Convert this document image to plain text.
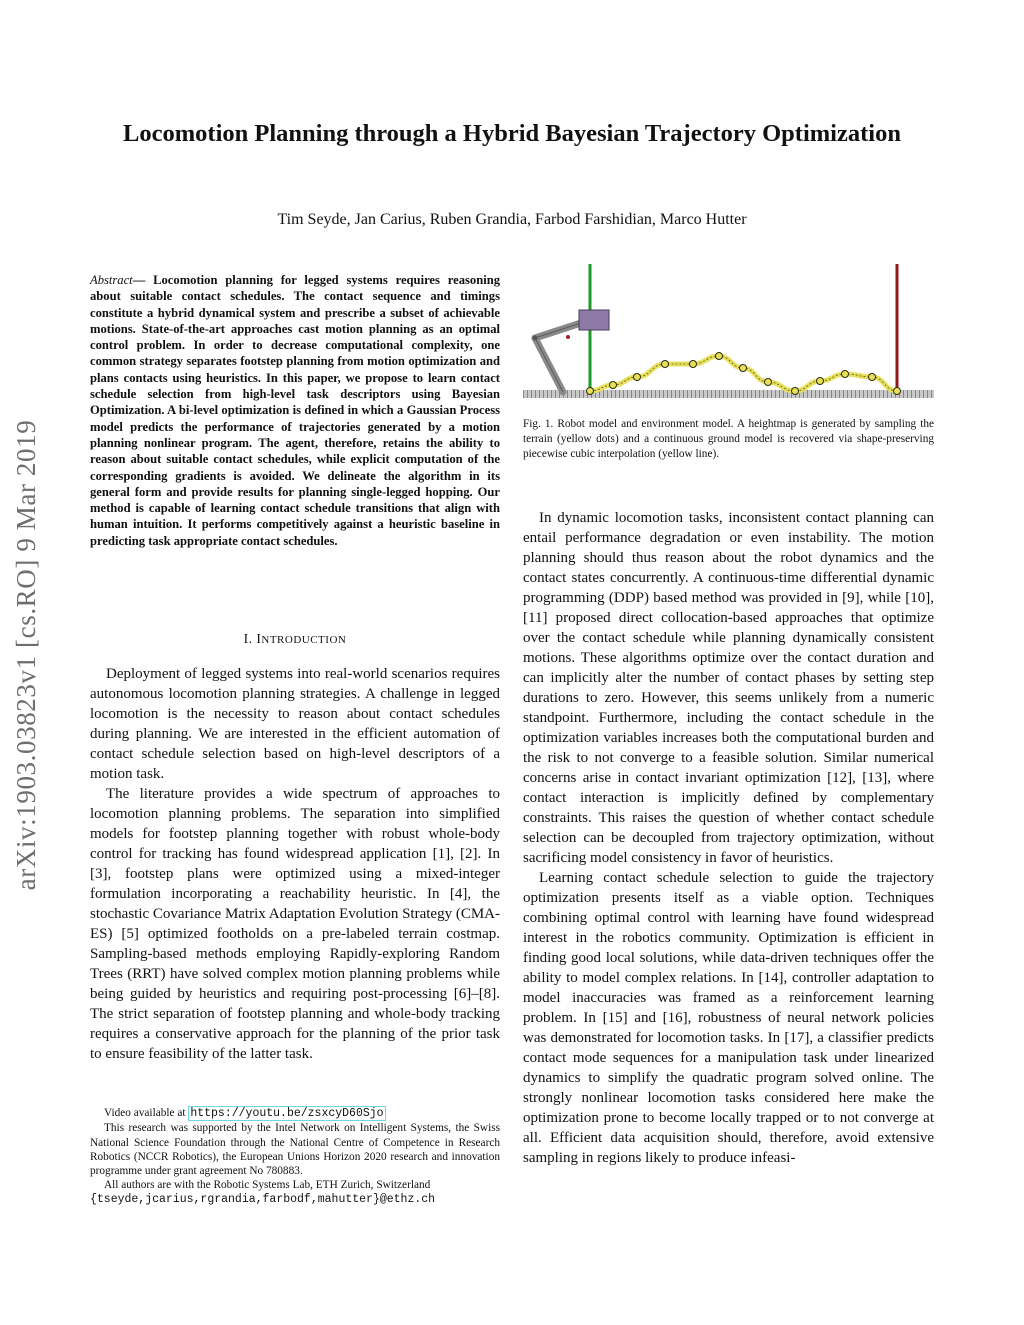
Locomotion Planning through a Hybrid Bayesian Trajectory Optimization
Tim Seyde, Jan Carius, Ruben Grandia, Farbod Farshidian, Marco Hutter
arXiv:1903.03823v1 [cs.RO] 9 Mar 2019
Abstract— Locomotion planning for legged systems requires reasoning about suitable contact schedules. The contact sequence and timings constitute a hybrid dynamical system and prescribe a subset of achievable motions. State-of-the-art approaches cast motion planning as an optimal control problem. In order to decrease computational complexity, one common strategy separates footstep planning from motion optimization and plans contacts using heuristics. In this paper, we propose to learn contact schedule selection from high-level task descriptors using Bayesian Optimization. A bi-level optimization is defined in which a Gaussian Process model predicts the performance of trajectories generated by a motion planning nonlinear program. The agent, therefore, retains the ability to reason about suitable contact schedules, while explicit computation of the corresponding gradients is avoided. We delineate the algorithm in its general form and provide results for planning single-legged hopping. Our method is capable of learning contact schedule transitions that align with human intuition. It performs competitively against a heuristic baseline in predicting task appropriate contact schedules.
I. INTRODUCTION

Deployment of legged systems into real-world scenarios requires autonomous locomotion planning strategies. A challenge in legged locomotion is the necessity to reason about contact schedules during planning. We are interested in the efficient automation of contact schedule selection based on high-level descriptors of a motion task.

The literature provides a wide spectrum of approaches to locomotion planning problems. The separation into simplified models for footstep planning together with robust whole-body control for tracking has found widespread application [1], [2]. In [3], footstep plans were optimized using a mixed-integer formulation incorporating a reachability heuristic. In [4], the stochastic Covariance Matrix Adaptation Evolution Strategy (CMA-ES) [5] optimized footholds on a pre-labeled terrain costmap. Sampling-based methods employing Rapidly-exploring Random Trees (RRT) have solved complex motion planning problems while being guided by heuristics and requiring post-processing [6]–[8]. The strict separation of footstep planning and whole-body tracking requires a conservative approach for the planning of the prior task to ensure feasibility of the latter task.

Video available at https://youtu.be/zsxcyD60Sjo

This research was supported by the Intel Network on Intelligent Systems, the Swiss National Science Foundation through the National Centre of Competence in Research Robotics (NCCR Robotics), the European Unions Horizon 2020 research and innovation programme under grant agreement No 780883.

All authors are with the Robotic Systems Lab, ETH Zurich, Switzerland

{tseyde,jcarius,rgrandia,farbodf,mahutter}@ethz.ch

Fig. 1. Robot model and environment model. A heightmap is generated by sampling the terrain (yellow dots) and a continuous ground model is recovered via shape-preserving piecewise cubic interpolation (yellow line).

In dynamic locomotion tasks, inconsistent contact planning can entail performance degradation or even instability. The motion planning should thus reason about the robot dynamics and the contact states concurrently. A continuous-time differential dynamic programming (DDP) based method was provided in [9], while [10], [11] proposed direct collocation-based approaches that optimize over the contact schedule while planning dynamically consistent motions. These algorithms optimize over the contact duration and can implicitly alter the number of contact phases by setting step durations to zero. However, this seems unlikely from a numeric standpoint. Furthermore, including the contact schedule in the optimization variables increases both the computational burden and the risk to not converge to a feasible solution. Similar numerical concerns arise in contact invariant optimization [12], [13], where contact interaction is implicitly defined by complementary constraints. This raises the question of whether contact schedule selection can be decoupled from trajectory optimization, without sacrificing model consistency in favor of heuristics.

Learning contact schedule selection to guide the trajectory optimization presents itself as a viable option. Techniques combining optimal control with learning have found widespread interest in the robotics community. Optimization is efficient in finding good local solutions, while data-driven techniques offer the ability to model complex relations. In [14], controller adaptation to model inaccuracies was framed as a reinforcement learning problem. In [15] and [16], robustness of neural network policies was demonstrated for locomotion tasks. In [17], a classifier predicts contact mode sequences for a manipulation task under linearized dynamics to simplify the quadratic program solved online. The strongly nonlinear locomotion tasks considered here make the optimization prone to become locally trapped or to not converge at all. Efficient data acquisition should, therefore, avoid extensive sampling in regions likely to produce infeasi-
